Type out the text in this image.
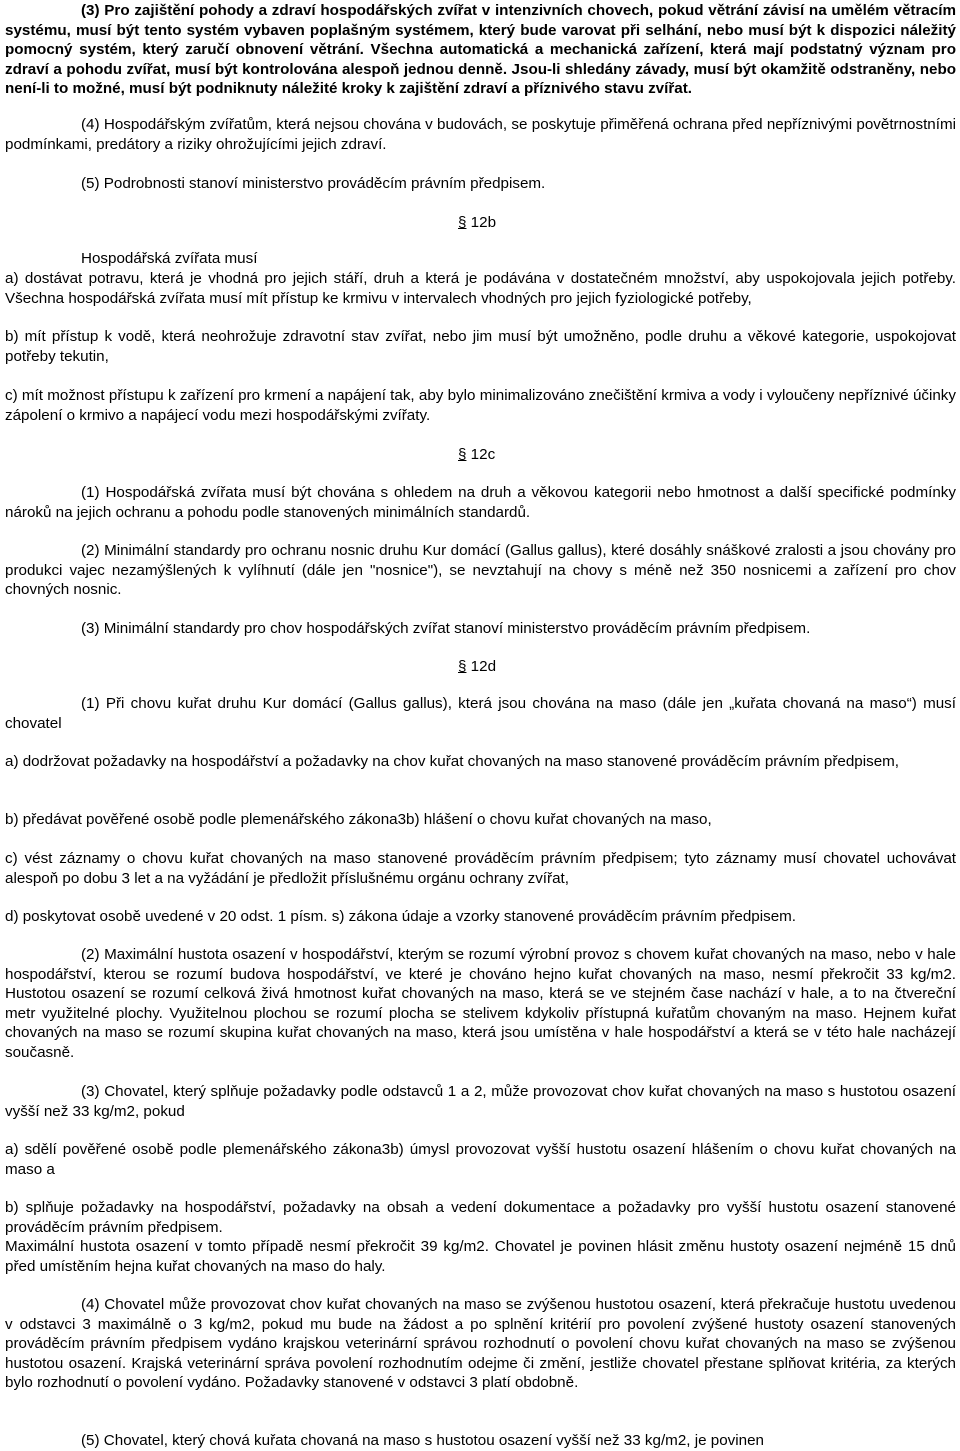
(3) Pro zajištění pohody a zdraví hospodářských zvířat v intenzivních chovech, pokud větrání závisí na umělém větracím systému, musí být tento systém vybaven poplašným systémem, který bude varovat při selhání, nebo musí být k dispozici náležitý pomocný systém, který zaručí obnovení větrání. Všechna automatická a mechanická zařízení, která mají podstatný význam pro zdraví a pohodu zvířat, musí být kontrolována alespoň jednou denně. Jsou-li shledány závady, musí být okamžitě odstraněny, nebo není-li to možné, musí být podniknuty náležité kroky k zajištění zdraví a příznivého stavu zvířat.

(4) Hospodářským zvířatům, která nejsou chována v budovách, se poskytuje přiměřená ochrana před nepříznivými povětrnostními podmínkami, predátory a riziky ohrožujícími jejich zdraví.

(5) Podrobnosti stanoví ministerstvo prováděcím právním předpisem.

§ 12b

Hospodářská zvířata musí

a) dostávat potravu, která je vhodná pro jejich stáří, druh a která je podávána v dostatečném množství, aby uspokojovala jejich potřeby. Všechna hospodářská zvířata musí mít přístup ke krmivu v intervalech vhodných pro jejich fyziologické potřeby,

b) mít přístup k vodě, která neohrožuje zdravotní stav zvířat, nebo jim musí být umožněno, podle druhu a věkové kategorie, uspokojovat potřeby tekutin,

c) mít možnost přístupu k zařízení pro krmení a napájení tak, aby bylo minimalizováno znečištění krmiva a vody i vyloučeny nepříznivé účinky zápolení o krmivo a napájecí vodu mezi hospodářskými zvířaty.

§ 12c

(1) Hospodářská zvířata musí být chována s ohledem na druh a věkovou kategorii nebo hmotnost a další specifické podmínky nároků na jejich ochranu a pohodu podle stanovených minimálních standardů.

(2) Minimální standardy pro ochranu nosnic druhu Kur domácí (Gallus gallus), které dosáhly snáškové zralosti a jsou chovány pro produkci vajec nezamýšlených k vylíhnutí (dále jen "nosnice"), se nevztahují na chovy s méně než 350 nosnicemi a zařízení pro chov chovných nosnic.

(3) Minimální standardy pro chov hospodářských zvířat stanoví ministerstvo prováděcím právním předpisem.

§ 12d

(1) Při chovu kuřat druhu Kur domácí (Gallus gallus), která jsou chována na maso (dále jen „kuřata chovaná na maso“) musí chovatel

a) dodržovat požadavky na hospodářství a požadavky na chov kuřat chovaných na maso stanovené prováděcím právním předpisem,

b) předávat pověřené osobě podle plemenářského zákona3b) hlášení o chovu kuřat chovaných na maso,

c) vést záznamy o chovu kuřat chovaných na maso stanovené prováděcím právním předpisem; tyto záznamy musí chovatel uchovávat alespoň po dobu 3 let a na vyžádání je předložit příslušnému orgánu ochrany zvířat,

d) poskytovat osobě uvedené v 20 odst. 1 písm. s) zákona údaje a vzorky stanovené prováděcím právním předpisem.

(2) Maximální hustota osazení v hospodářství, kterým se rozumí výrobní provoz s chovem kuřat chovaných na maso, nebo v hale hospodářství, kterou se rozumí budova hospodářství, ve které je chováno hejno kuřat chovaných na maso, nesmí překročit 33 kg/m2. Hustotou osazení se rozumí celková živá hmotnost kuřat chovaných na maso, která se ve stejném čase nachází v hale, a to na čtvereční metr využitelné plochy. Využitelnou plochou se rozumí plocha se stelivem kdykoliv přístupná kuřatům chovaným na maso. Hejnem kuřat chovaných na maso se rozumí skupina kuřat chovaných na maso, která jsou umístěna v hale hospodářství a která se v této hale nacházejí současně.

(3) Chovatel, který splňuje požadavky podle odstavců 1 a 2, může provozovat chov kuřat chovaných na maso s hustotou osazení vyšší než 33 kg/m2, pokud

a) sdělí pověřené osobě podle plemenářského zákona3b) úmysl provozovat vyšší hustotu osazení hlášením o chovu kuřat chovaných na maso a

b) splňuje požadavky na hospodářství, požadavky na obsah a vedení dokumentace a požadavky pro vyšší hustotu osazení stanovené prováděcím právním předpisem.

Maximální hustota osazení v tomto případě nesmí překročit 39 kg/m2. Chovatel je povinen hlásit změnu hustoty osazení nejméně 15 dnů před umístěním hejna kuřat chovaných na maso do haly.

(4) Chovatel může provozovat chov kuřat chovaných na maso se zvýšenou hustotou osazení, která překračuje hustotu uvedenou v odstavci 3 maximálně o 3 kg/m2, pokud mu bude na žádost a po splnění kritérií pro povolení zvýšené hustoty osazení stanovených prováděcím právním předpisem vydáno krajskou veterinární správou rozhodnutí o povolení chovu kuřat chovaných na maso se zvýšenou hustotou osazení. Krajská veterinární správa povolení rozhodnutím odejme či změní, jestliže chovatel přestane splňovat kritéria, za kterých bylo rozhodnutí o povolení vydáno. Požadavky stanovené v odstavci 3 platí obdobně.

(5) Chovatel, který chová kuřata chovaná na maso s hustotou osazení vyšší než 33 kg/m2, je povinen
